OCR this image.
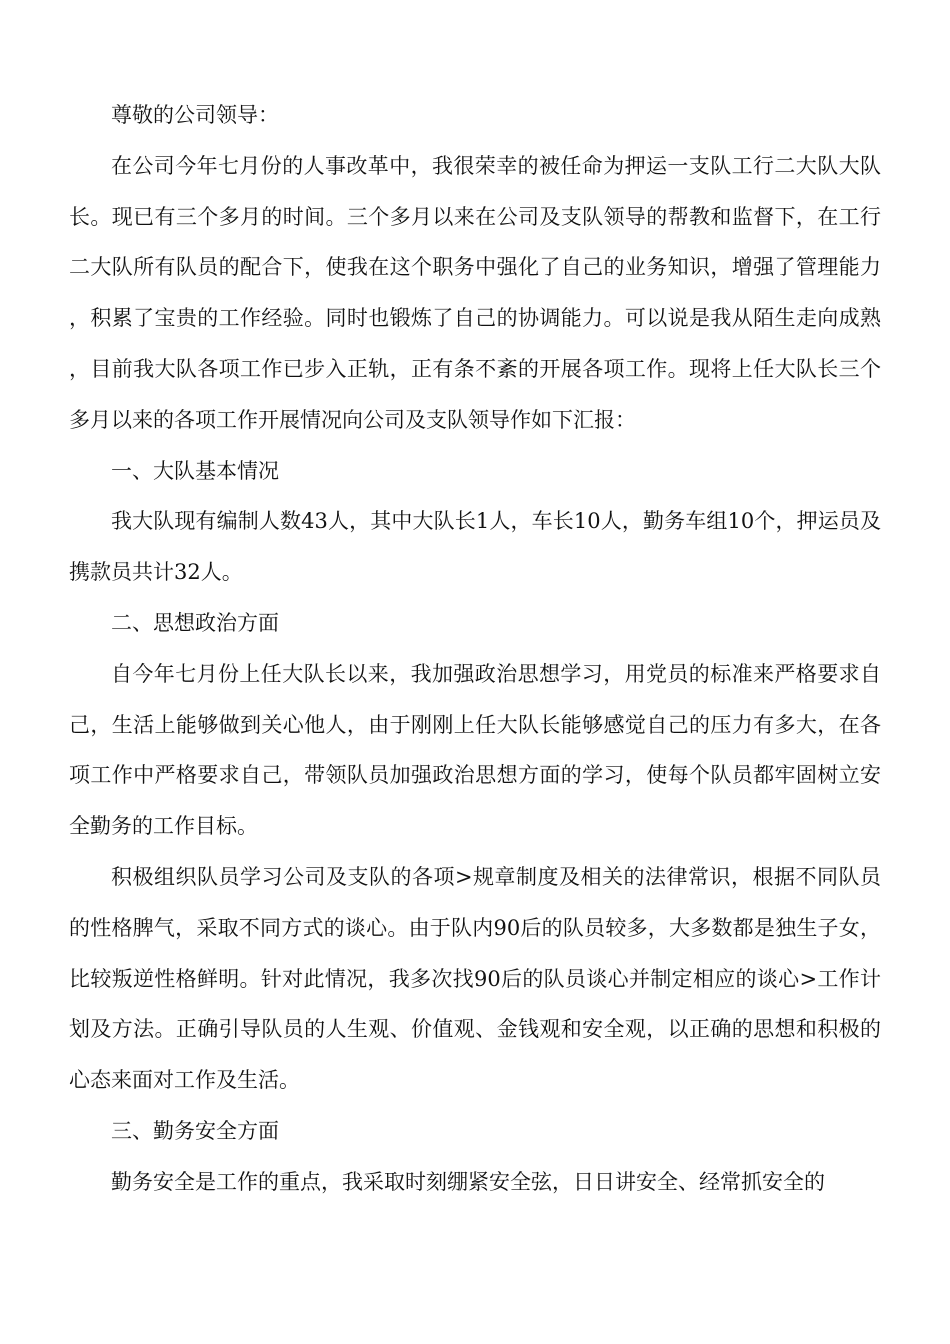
尊敬的公司领导：

在公司今年七月份的人事改革中，我很荣幸的被任命为押运一支队工行二大队大队长。现已有三个多月的时间。三个多月以来在公司及支队领导的帮教和监督下，在工行二大队所有队员的配合下，使我在这个职务中强化了自己的业务知识，增强了管理能力，积累了宝贵的工作经验。同时也锻炼了自己的协调能力。可以说是我从陌生走向成熟，目前我大队各项工作已步入正轨，正有条不紊的开展各项工作。现将上任大队长三个多月以来的各项工作开展情况向公司及支队领导作如下汇报：

一、大队基本情况

我大队现有编制人数43人，其中大队长1人，车长10人，勤务车组10个，押运员及携款员共计32人。

二、思想政治方面

自今年七月份上任大队长以来，我加强政治思想学习，用党员的标准来严格要求自己，生活上能够做到关心他人，由于刚刚上任大队长能够感觉自己的压力有多大，在各项工作中严格要求自己，带领队员加强政治思想方面的学习，使每个队员都牢固树立安全勤务的工作目标。

积极组织队员学习公司及支队的各项>规章制度及相关的法律常识，根据不同队员的性格脾气，采取不同方式的谈心。由于队内90后的队员较多，大多数都是独生子女，比较叛逆性格鲜明。针对此情况，我多次找90后的队员谈心并制定相应的谈心>工作计划及方法。正确引导队员的人生观、价值观、金钱观和安全观，以正确的思想和积极的心态来面对工作及生活。

三、勤务安全方面

勤务安全是工作的重点，我采取时刻绷紧安全弦，日日讲安全、经常抓安全的
